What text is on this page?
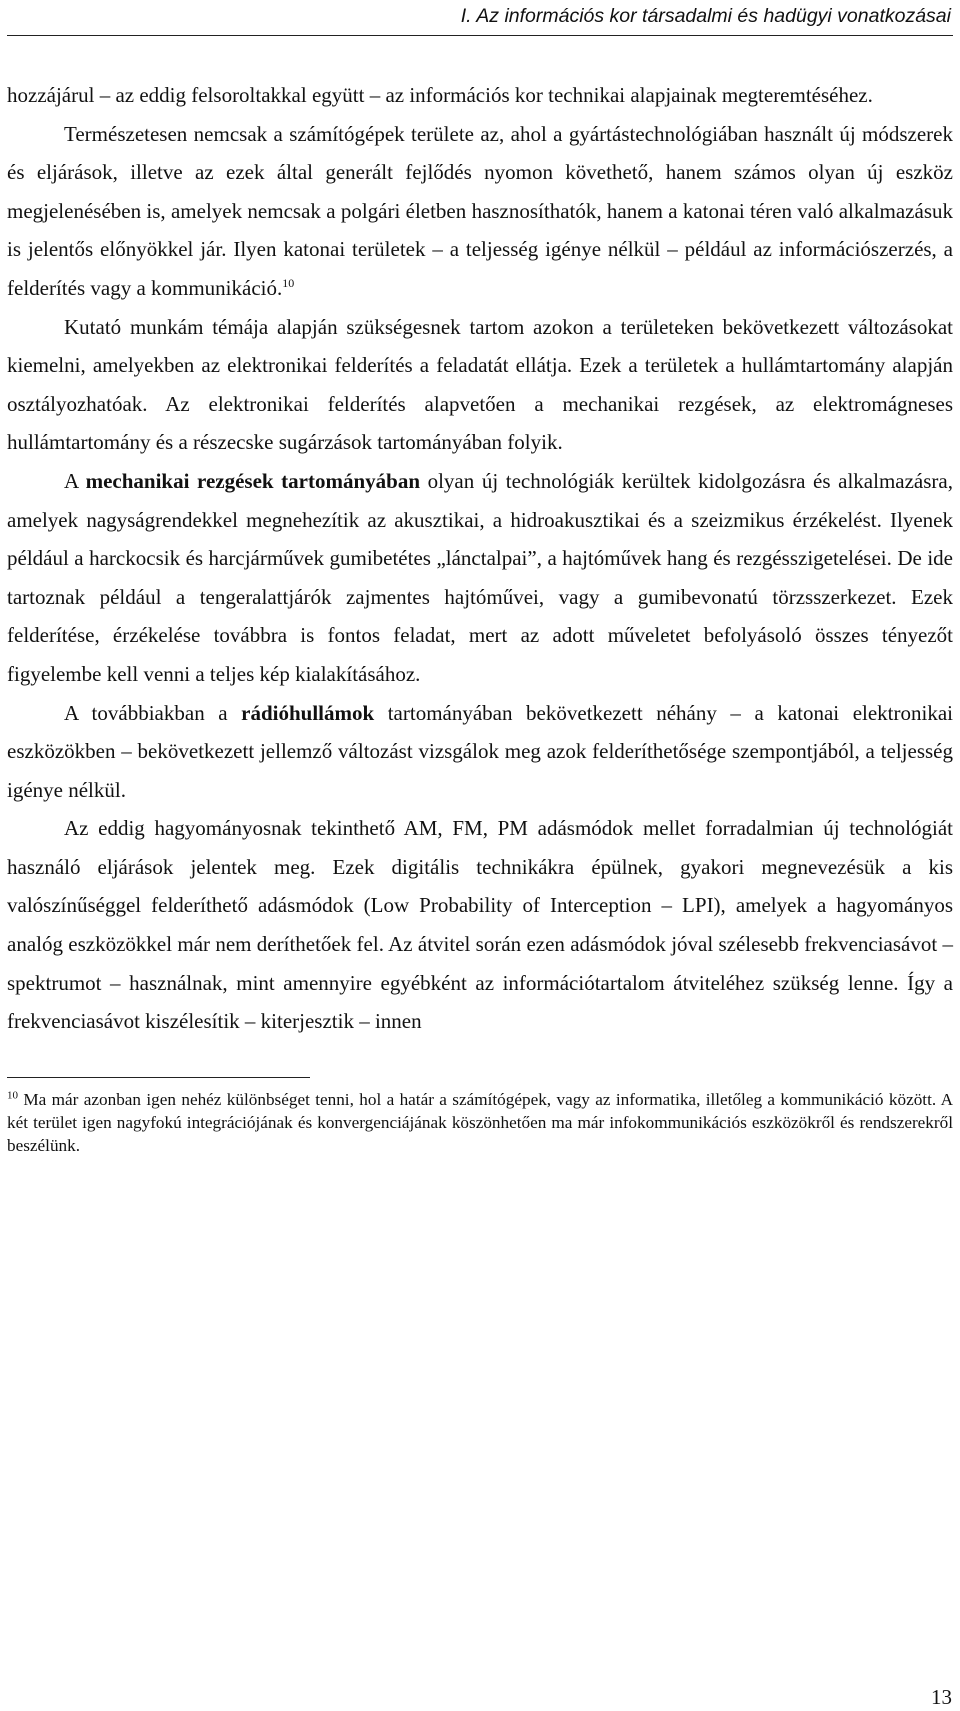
I. Az információs kor társadalmi és hadügyi vonatkozásai

hozzájárul – az eddig felsoroltakkal együtt – az információs kor technikai alapjainak megteremtéséhez.

Természetesen nemcsak a számítógépek területe az, ahol a gyártástechnológiában használt új módszerek és eljárások, illetve az ezek által generált fejlődés nyomon követhető, hanem számos olyan új eszköz megjelenésében is, amelyek nemcsak a polgári életben hasznosíthatók, hanem a katonai téren való alkalmazásuk is jelentős előnyökkel jár. Ilyen katonai területek – a teljesség igénye nélkül – például az információszerzés, a felderítés vagy a kommunikáció.$^{10}$

Kutató munkám témája alapján szükségesnek tartom azokon a területeken bekövetkezett változásokat kiemelni, amelyekben az elektronikai felderítés a feladatát ellátja. Ezek a területek a hullámtartomány alapján osztályozhatóak. Az elektronikai felderítés alapvetően a mechanikai rezgések, az elektromágneses hullámtartomány és a részecske sugárzások tartományában folyik.

A mechanikai rezgések tartományában olyan új technológiák kerültek kidolgozásra és alkalmazásra, amelyek nagyságrendekkel megnehezítik az akusztikai, a hidroakusztikai és a szeizmikus érzékelést. Ilyenek például a harckocsik és harcjárművek gumibetétes „lánctalpai”, a hajtóművek hang és rezgésszigetelései. De ide tartoznak például a tengeralattjárók zajmentes hajtóművei, vagy a gumibevonatú törzsszerkezet. Ezek felderítése, érzékelése továbbra is fontos feladat, mert az adott műveletet befolyásoló összes tényezőt figyelembe kell venni a teljes kép kialakításához.

A továbbiakban a rádióhullámok tartományában bekövetkezett néhány – a katonai elektronikai eszközökben – bekövetkezett jellemző változást vizsgálok meg azok felderíthetősége szempontjából, a teljesség igénye nélkül.

Az eddig hagyományosnak tekinthető AM, FM, PM adásmódok mellet forradalmian új technológiát használó eljárások jelentek meg. Ezek digitális technikákra épülnek, gyakori megnevezésük a kis valószínűséggel felderíthető adásmódok (Low Probability of Interception – LPI), amelyek a hagyományos analóg eszközökkel már nem deríthetőek fel. Az átvitel során ezen adásmódok jóval szélesebb frekvenciasávot – spektrumot – használnak, mint amennyire egyébként az információtartalom átviteléhez szükség lenne. Így a frekvenciasávot kiszélesítik – kiterjesztik – innen

$^{10}$ Ma már azonban igen nehéz különbséget tenni, hol a határ a számítógépek, vagy az informatika, illetőleg a kommunikáció között. A két terület igen nagyfokú integrációjának és konvergenciájának köszönhetően ma már infokommunikációs eszközökről és rendszerekről beszélünk.
13
